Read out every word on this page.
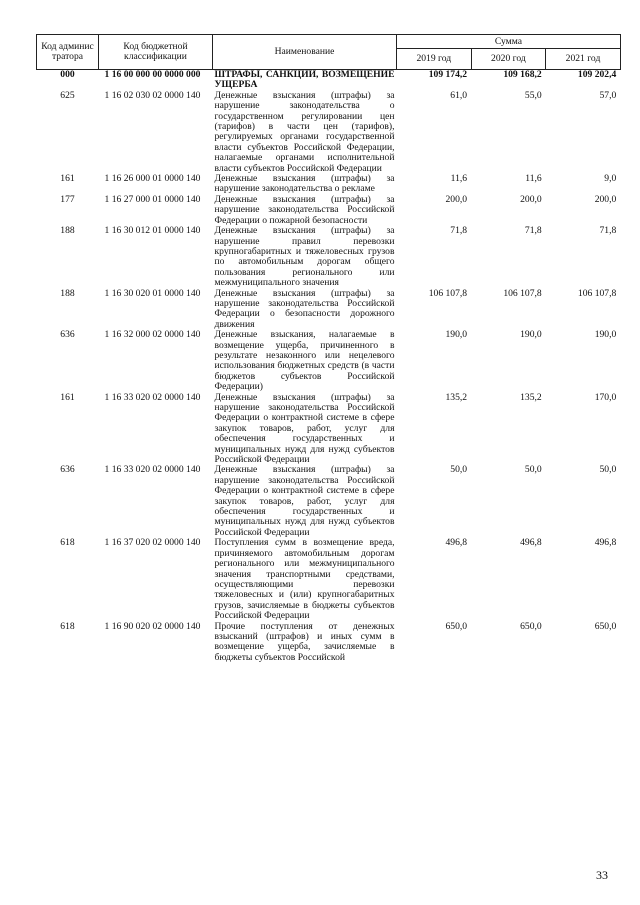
Код админис тратора	Код бюджетной классификации	Наименование	Сумма		
			2019 год	2020 год	2021 год
000	1 16 00 000 00 0000 000	ШТРАФЫ, САНКЦИИ, ВОЗМЕЩЕНИЕ УЩЕРБА	109 174,2	109 168,2	109 202,4
625	1 16 02 030 02 0000 140	Денежные взыскания (штрафы) за нарушение законодательства о государственном регулировании цен (тарифов) в части цен (тарифов), регулируемых органами государственной власти субъектов Российской Федерации, налагаемые органами исполнительной власти субъектов Российской Федерации	61,0	55,0	57,0
161	1 16 26 000 01 0000 140	Денежные взыскания (штрафы) за нарушение законодательства о рекламе	11,6	11,6	9,0
177	1 16 27 000 01 0000 140	Денежные взыскания (штрафы) за нарушение законодательства Российской Федерации о пожарной безопасности	200,0	200,0	200,0
188	1 16 30 012 01 0000 140	Денежные взыскания (штрафы) за нарушение правил перевозки крупногабаритных и тяжеловесных грузов по автомобильным дорогам общего пользования регионального или межмуниципального значения	71,8	71,8	71,8
188	1 16 30 020 01 0000 140	Денежные взыскания (штрафы) за нарушение законодательства Российской Федерации о безопасности дорожного движения	106 107,8	106 107,8	106 107,8
636	1 16 32 000 02 0000 140	Денежные взыскания, налагаемые в возмещение ущерба, причиненного в результате незаконного или нецелевого использования бюджетных средств (в части бюджетов субъектов Российской Федерации)	190,0	190,0	190,0
161	1 16 33 020 02 0000 140	Денежные взыскания (штрафы) за нарушение законодательства Российской Федерации о контрактной системе в сфере закупок товаров, работ, услуг для обеспечения государственных и муниципальных нужд для нужд субъектов Российской Федерации	135,2	135,2	170,0
636	1 16 33 020 02 0000 140	Денежные взыскания (штрафы) за нарушение законодательства Российской Федерации о контрактной системе в сфере закупок товаров, работ, услуг для обеспечения государственных и муниципальных нужд для нужд субъектов Российской Федерации	50,0	50,0	50,0
618	1 16 37 020 02 0000 140	Поступления сумм в возмещение вреда, причиняемого автомобильным дорогам регионального или межмуниципального значения транспортными средствами, осуществляющими перевозки тяжеловесных и (или) крупногабаритных грузов, зачисляемые в бюджеты субъектов Российской Федерации	496,8	496,8	496,8
618	1 16 90 020 02 0000 140	Прочие поступления от денежных взысканий (штрафов) и иных сумм в возмещение ущерба, зачисляемые в бюджеты субъектов Российской	650,0	650,0	650,0
33
